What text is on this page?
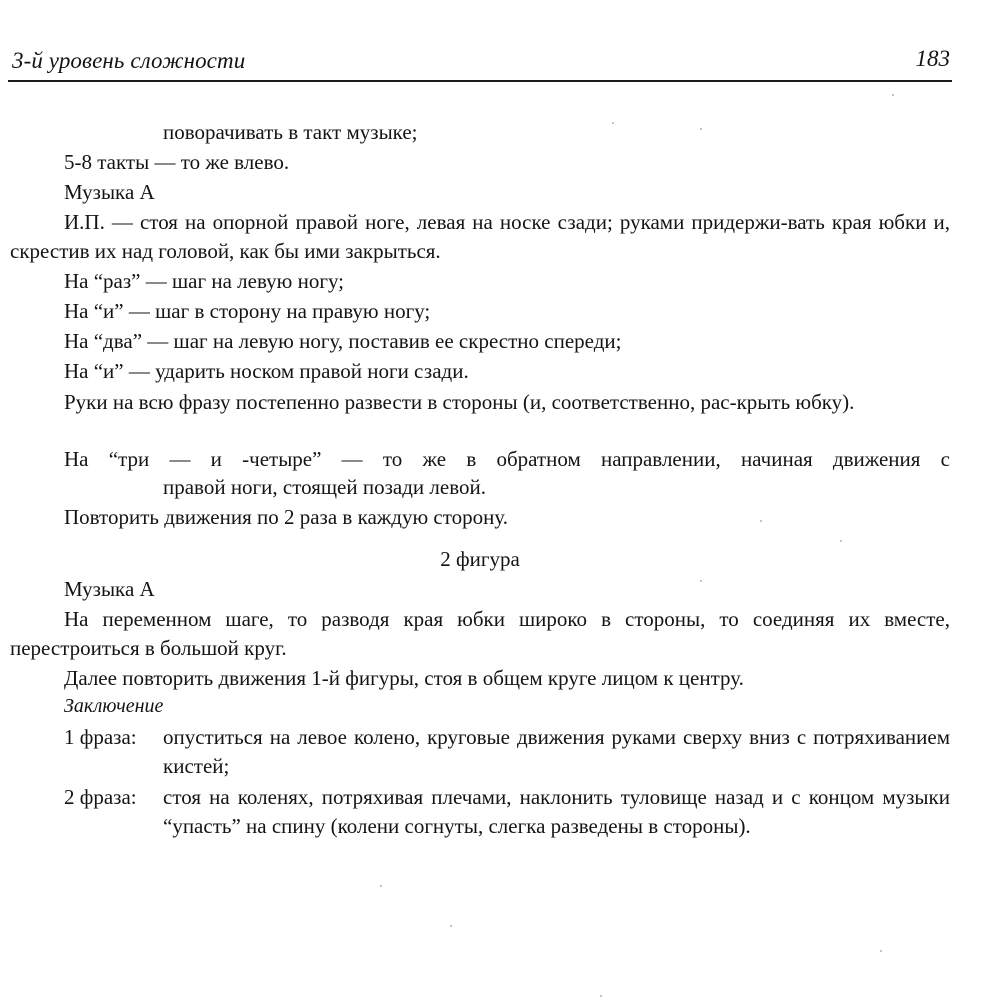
3-й уровень сложности	183
поворачивать в такт музыке;
5-8 такты — то же влево.
Музыка А
И.П. — стоя на опорной правой ноге, левая на носке сзади; руками придержи-вать края юбки и, скрестив их над головой, как бы ими закрыться.
На “раз” — шаг на левую ногу;
На “и” — шаг в сторону на правую ногу;
На “два” — шаг на левую ногу, поставив ее скрестно спереди;
На “и” — ударить носком правой ноги сзади.
Руки на всю фразу постепенно развести в стороны (и, соответственно, рас-крыть юбку).
На “три — и -четыре” — то же в обратном направлении, начиная движения с
правой ноги, стоящей позади левой.
Повторить движения по 2 раза в каждую сторону.
2 фигура
Музыка А
На переменном шаге, то разводя края юбки широко в стороны, то соединяя их вместе, перестроиться в большой круг.
Далее повторить движения 1-й фигуры, стоя в общем круге лицом к центру.
Заключение
1 фраза: опуститься на левое колено, круговые движения руками сверху вниз с потряхиванием кистей;
2 фраза: стоя на коленях, потряхивая плечами, наклонить туловище назад и с концом музыки “упасть” на спину (колени согнуты, слегка разведены в стороны).
